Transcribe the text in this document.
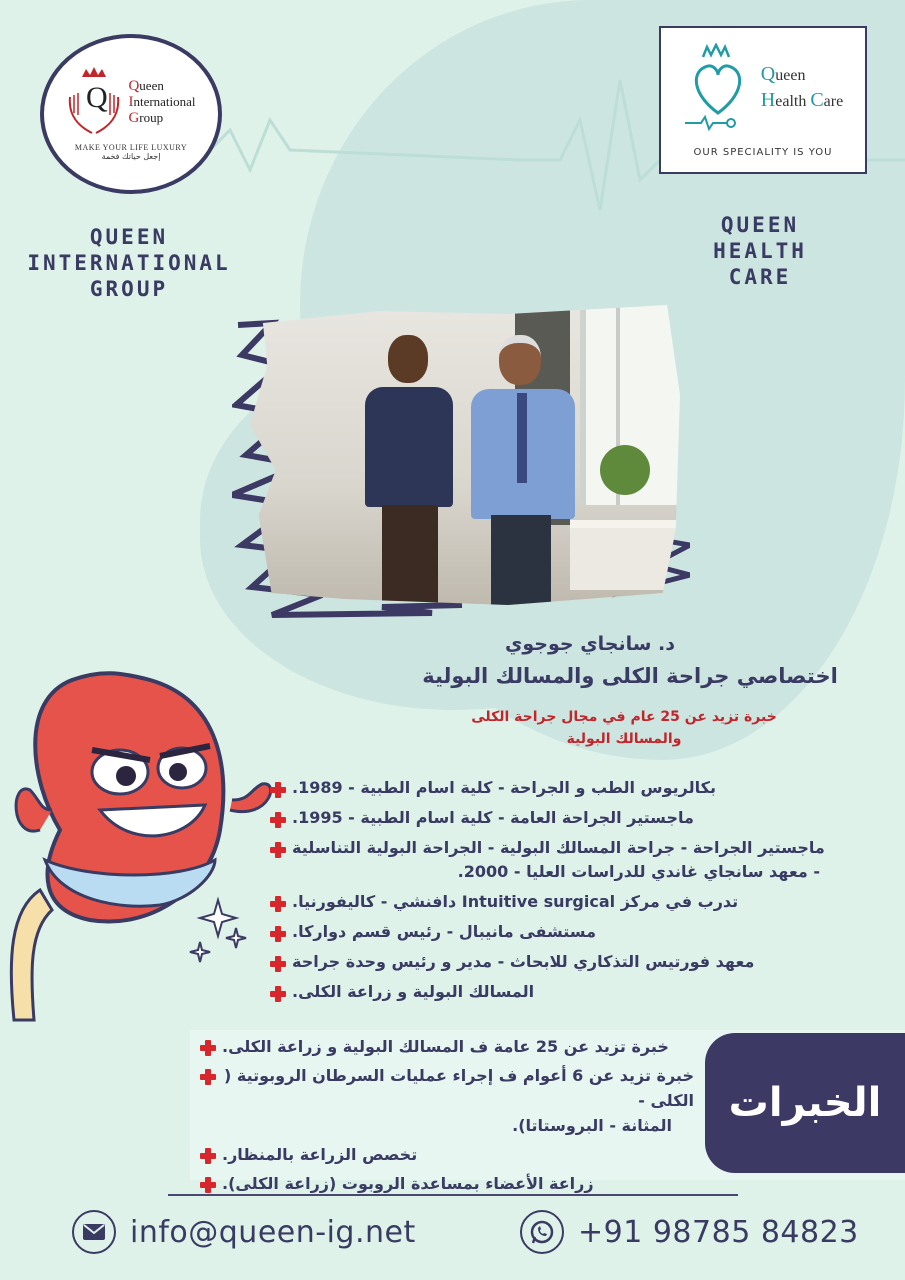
Q Queen
International
Group
MAKE YOUR LIFE LUXURY
إجعل حياتك فخمة
Queen
Health Care
OUR SPECIALITY IS YOU
QUEEN
INTERNATIONAL
GROUP
QUEEN
HEALTH
CARE
د. سانجاي جوجوي
اختصاصي جراحة الكلى والمسالك البولية
خبرة تزيد عن 25 عام في مجال جراحة الكلى
والمسالك البولية
بكالريوس الطب و الجراحة - كلية اسام الطبية - 1989.
ماجستير الجراحة العامة - كلية اسام الطبية - 1995.
ماجستير الجراحة - جراحة المسالك البولية - الجراحة البولية التناسلية
- معهد سانجاي غاندي للدراسات العليا - 2000.
تدرب في مركز Intuitive surgical دافنشي - كاليفورنيا.
مستشفى مانيبال - رئيس قسم دواركا.
معهد فورتيس التذكاري للابحاث - مدير و رئيس وحدة جراحة
المسالك البولية و زراعة الكلى.
الخبرات
خبرة تزيد عن 25 عامة ف المسالك البولية و زراعة الكلى.
خبرة تزيد عن 6 أعوام ف إجراء عمليات السرطان الروبوتية ( الكلى -
المثانة - البروستاتا).
تخصص الزراعة بالمنظار.
زراعة الأعضاء بمساعدة الروبوت (زراعة الكلى).
info@queen-ig.net	+91 98785 84823
